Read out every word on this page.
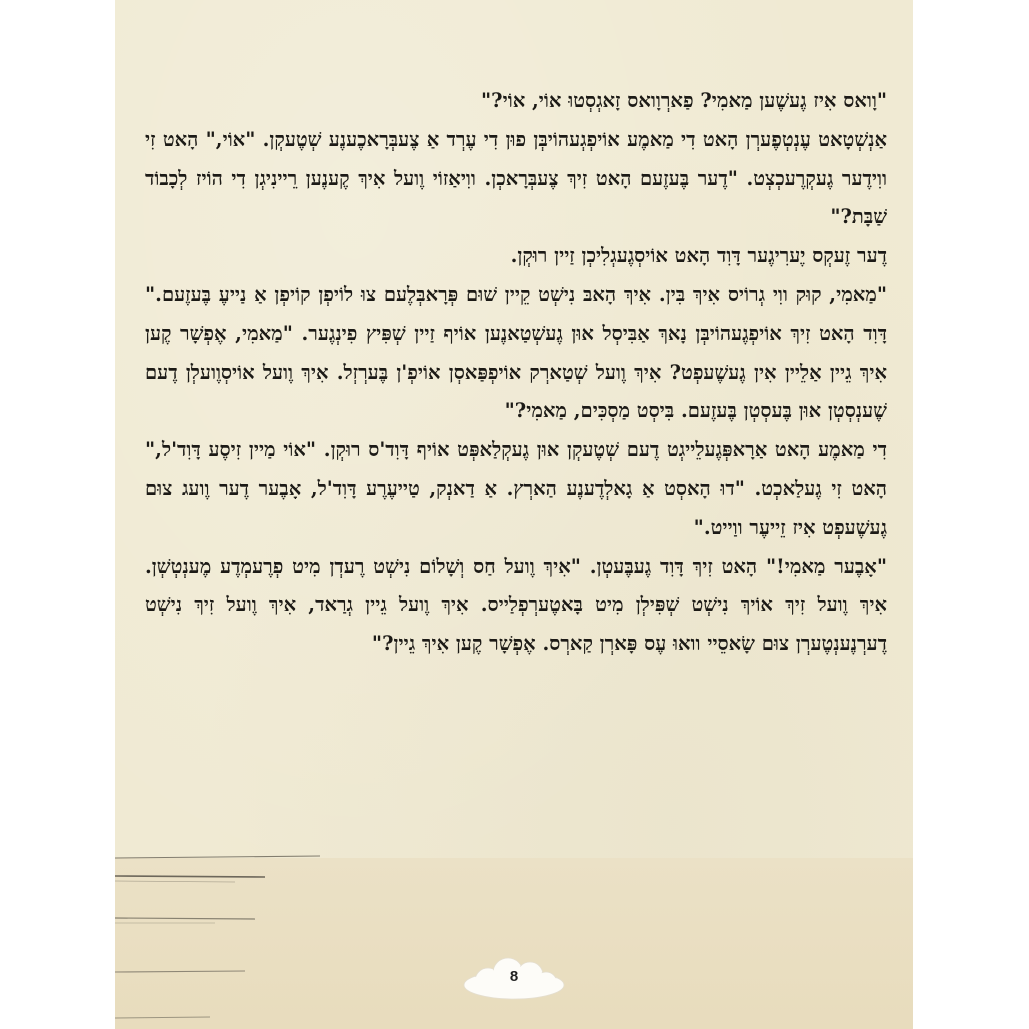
"וָואס אִיז גֶעשֶׁען מַאמִי? פַארְוָואס זָאגְסְטוּ אוֹי, אוֹי?"

אַנְשְׁטָאט עֶנְטְפֶערְן הָאט דִי מַאמֶע אוֹיפְגְעהוֹיבְּן פוּן דִי עֶרְד אַ צֶעבְּרָאכֶענֶע שְׁטֶעקְן. "אוֹי," הָאט זִי ווִידֶער גֶעקְרֶעכְצְט. "דֶער בֶּעזֶעם הָאט זִיךְ צֶעבְּרָאכְן. ווִיאַזוֹי וֶועל אִיךְ קֶענֶען רֵיינִיגְן דִי הוֹיז לְכָבוֹד שַׁבָּת?"

דֶער זֶעקְס יֶערִיגֶער דָּוִד הָאט אוֹיסְגֶעגְלִיכְן זַיין רוּקְן.

"מַאמִי, קוּק ווִי גְרוֹיס אִיךְ בִּין. אִיךְ הָאבּ נִישְׁט קֵיין שׁוּם פְּרָאבְּלֶעם צוּ לוֹיפְן קוֹיפְן אַ נַייעֶ בֶּעזֶעם." דָּוִד הָאט זִיךְ אוֹיפְגֶעהוֹיבְּן נָאךְ אַבִּיסְל אוּן גֶעשְׁטַאנֶען אוֹיף זַיין שְׁפִּיץ פִינְגֶער. "מַאמִי, אֶפְשָׁר קֶען אִיךְ גֵיין אַלֵיין אִין גֶעשֶׁעפְט? אִיךְ וֶועל שְׁטַארְק אוֹיפְפַּאסְן אוֹיפְ'ן בֶּערְזְל. אִיךְ וֶועל אוֹיסְוֶועלְן דֶעם שֶׁענְסְטְן אוּן בֶּעסְטְן בֶּעזֶעם. בִּיסְט מַסְכִּים, מַאמִי?"

דִי מַאמֶע הָאט אַרָאפְּגֶעלֵייגְט דֶעם שְׁטֶעקְן אוּן גֶעקְלַאפְּט אוֹיף דָּוִד'ס רוּקְן. "אוֹי מַיין זִיסֶע דָּוִד'ל," הָאט זִי גֶעלַאכְט. "דוּ הָאסְט אַ גָאלְדֶענֶע הַארְץ. אַ דַאנְק, טַייעֶרֶע דָּוִד'ל, אָבֶער דֶער וֶועג צוּם גֶעשֶׁעפְט אִיז זֵייעֶר ווַייט."

"אָבֶער מַאמִי!" הָאט זִיךְ דָּוִד גֶעבֶּעטְן. "אִיךְ וֶועל חַס וְשָׁלוֹם נִישְׁט רֶעדְן מִיט פְרֶעמְדֶע מֶענְטְשְׁן. אִיךְ וֶועל זִיךְ אוֹיךְ נִישְׁט שְׁפִּילְן מִיט בָּאטֶערְפְלַייס. אִיךְ וֶועל גֵיין גְרַאד, אִיךְ וֶועל זִיךְ נִישְׁט דֶערְנֶענְטֶערְן צוּם שָׂאסֵיי וואוּ עֶס פָּארְן קַארְס. אֶפְשָׁר קֶען אִיךְ גֵיין?"

8
